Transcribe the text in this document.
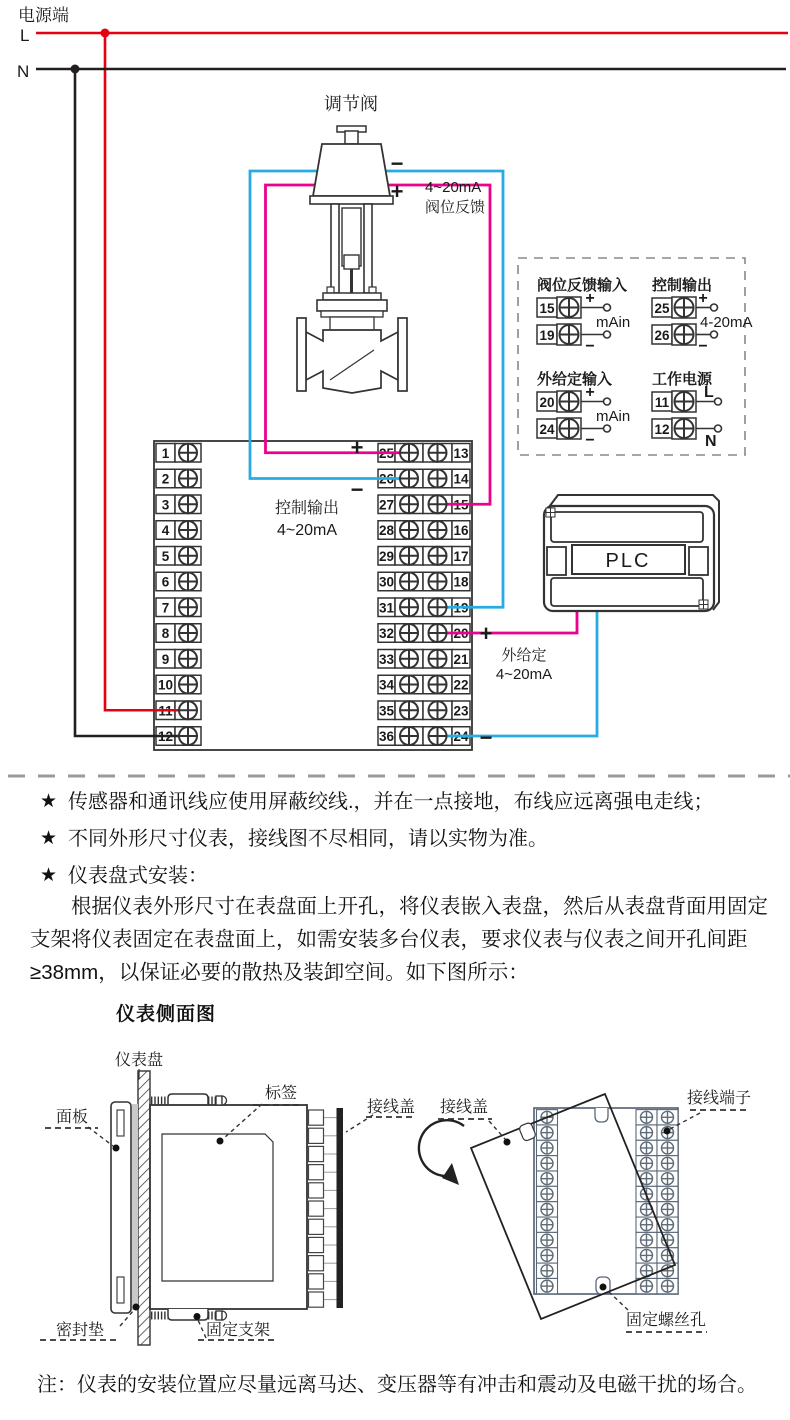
1	25	13
2	26	14
3	27	15
4	28	16
5	29	17
6	30	18
7	31	19
8	32	20
9	33	21
10	34	22
11	35	23
12	36	24
阀位反馈输入 控制输出
外给定输入	工作电源
15
19
+
−
mAin
25
26
+
−
4-20mA
20
24
+
−
mAin
11
12
L
N
PLC
电源端
L
N
调节阀
−
+ 4~20mA
阀位反馈
+
−
控制输出
4~20mA
+
−
外给定
4~20mA
仪表盘
面板
标签
接线盖
密封垫	固定支架
接线盖
接线端子
固定螺丝孔
★ 传感器和通讯线应使用屏蔽绞线.，并在一点接地，布线应远离强电走线；
★ 不同外形尺寸仪表，接线图不尽相同，请以实物为准。
★ 仪表盘式安装：
根据仪表外形尺寸在表盘面上开孔，将仪表嵌入表盘，然后从表盘背面用固定支架将仪表固定在表盘面上，如需安装多台仪表，要求仪表与仪表之间开孔间距≥38mm，以保证必要的散热及装卸空间。如下图所示：
仪表侧面图
注：仪表的安装位置应尽量远离马达、变压器等有冲击和震动及电磁干扰的场合。
